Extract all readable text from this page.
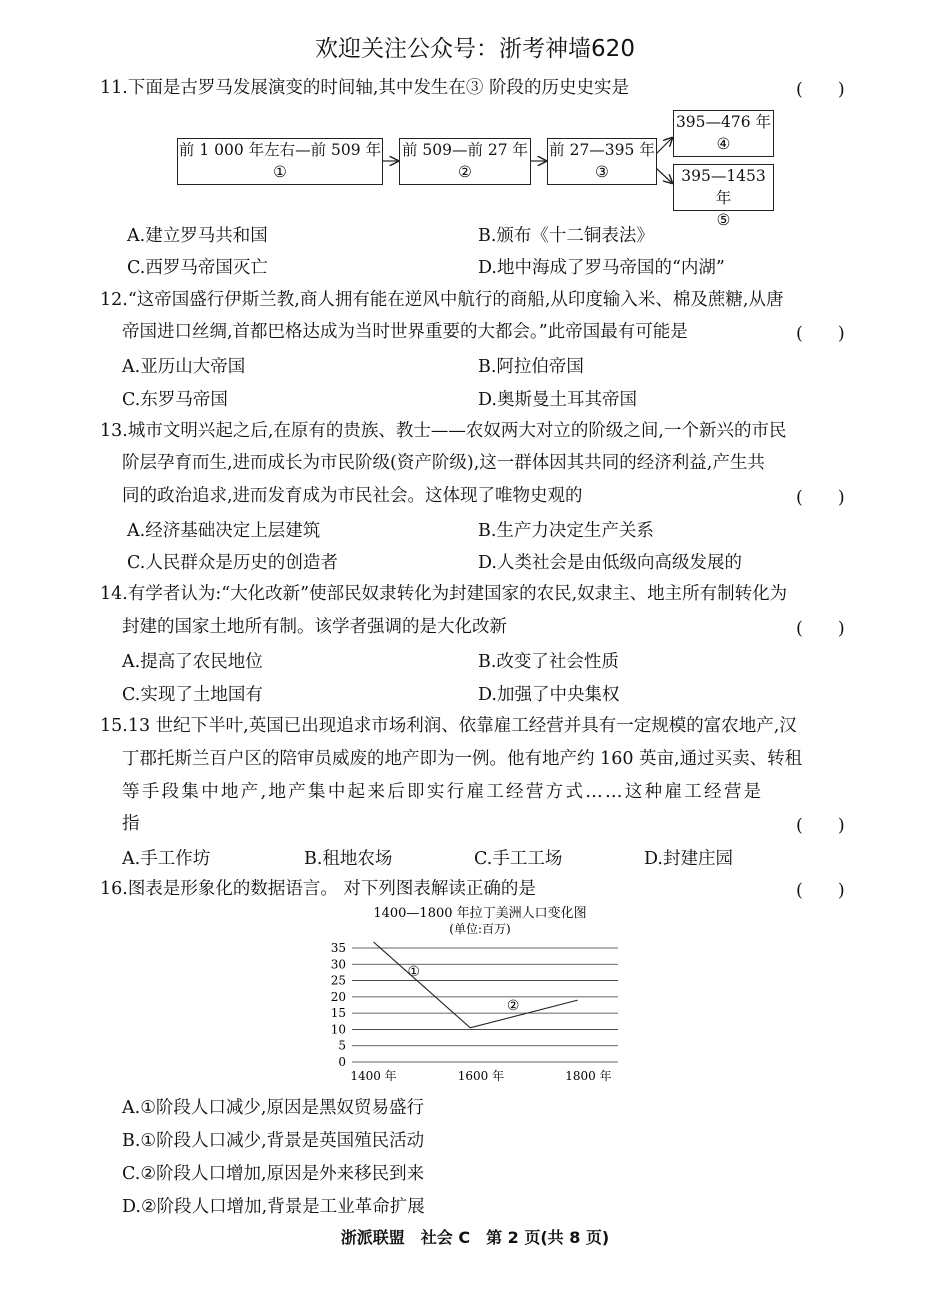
欢迎关注公众号：浙考神墙620
11.下面是古罗马发展演变的时间轴,其中发生在③ 阶段的历史史实是	(　　)
前 1 000 年左右—前 509 年
①
前 509—前 27 年
②
前 27—395 年
③
395—476 年
④
395—1453 年
⑤
A.建立罗马共和国	B.颁布《十二铜表法》
C.西罗马帝国灭亡	D.地中海成了罗马帝国的“内湖”
12.“这帝国盛行伊斯兰教,商人拥有能在逆风中航行的商船,从印度输入米、棉及蔗糖,从唐
帝国进口丝绸,首都巴格达成为当时世界重要的大都会。”此帝国最有可能是	(　　)
A.亚历山大帝国	B.阿拉伯帝国
C.东罗马帝国	D.奥斯曼土耳其帝国
13.城市文明兴起之后,在原有的贵族、教士——农奴两大对立的阶级之间,一个新兴的市民
阶层孕育而生,进而成长为市民阶级(资产阶级),这一群体因其共同的经济利益,产生共
同的政治追求,进而发育成为市民社会。这体现了唯物史观的	(　　)
A.经济基础决定上层建筑	B.生产力决定生产关系
C.人民群众是历史的创造者	D.人类社会是由低级向高级发展的
14.有学者认为:“大化改新”使部民奴隶转化为封建国家的农民,奴隶主、地主所有制转化为
封建的国家土地所有制。该学者强调的是大化改新	(　　)
A.提高了农民地位	B.改变了社会性质
C.实现了土地国有	D.加强了中央集权
15.13 世纪下半叶,英国已出现追求市场利润、依靠雇工经营并具有一定规模的富农地产,汉
丁郡托斯兰百户区的陪审员威废的地产即为一例。他有地产约 160 英亩,通过买卖、转租
等手段集中地产,地产集中起来后即实行雇工经营方式……这种雇工经营是
指	(　　)
A.手工作坊	B.租地农场	C.手工工场	D.封建庄园
16.图表是形象化的数据语言。 对下列图表解读正确的是	(　　)
1400—1800 年拉丁美洲人口变化图
(单位:百万)
0
5
10
15
20
25
30
35
1400 年	1600 年	1800 年
①
②
A.①阶段人口减少,原因是黑奴贸易盛行
B.①阶段人口减少,背景是英国殖民活动
C.②阶段人口增加,原因是外来移民到来
D.②阶段人口增加,背景是工业革命扩展
浙派联盟　社会 C　第 2 页(共 8 页)
